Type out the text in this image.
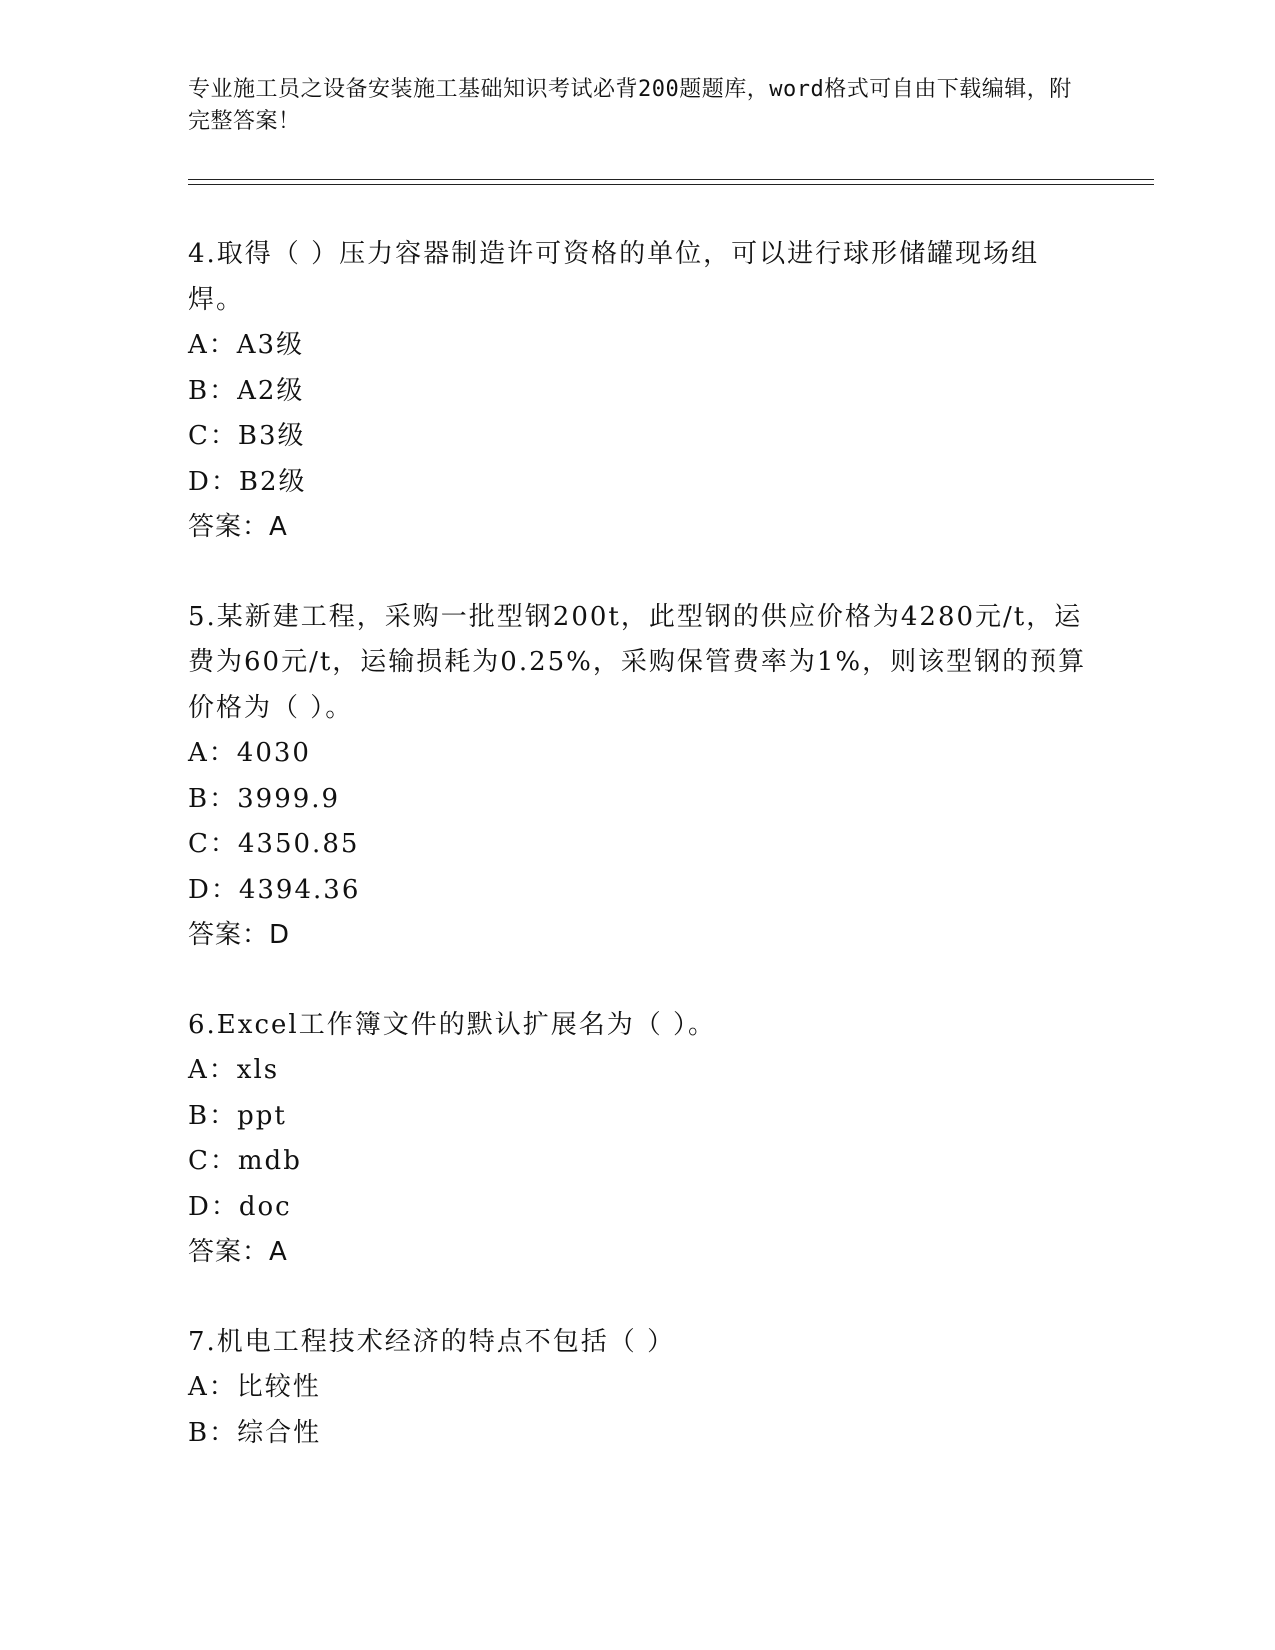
专业施工员之设备安装施工基础知识考试必背200题题库，word格式可自由下载编辑，附完整答案！
4.取得（ ）压力容器制造许可资格的单位，可以进行球形储罐现场组焊。
A：A3级
B：A2级
C：B3级
D：B2级
答案：A
5.某新建工程，采购一批型钢200t，此型钢的供应价格为4280元/t，运费为60元/t，运输损耗为0.25%，采购保管费率为1%，则该型钢的预算价格为（ ）。
A：4030
B：3999.9
C：4350.85
D：4394.36
答案：D
6.Excel工作簿文件的默认扩展名为（ ）。
A：xls
B：ppt
C：mdb
D：doc
答案：A
7.机电工程技术经济的特点不包括（ ）
A：比较性
B：综合性
